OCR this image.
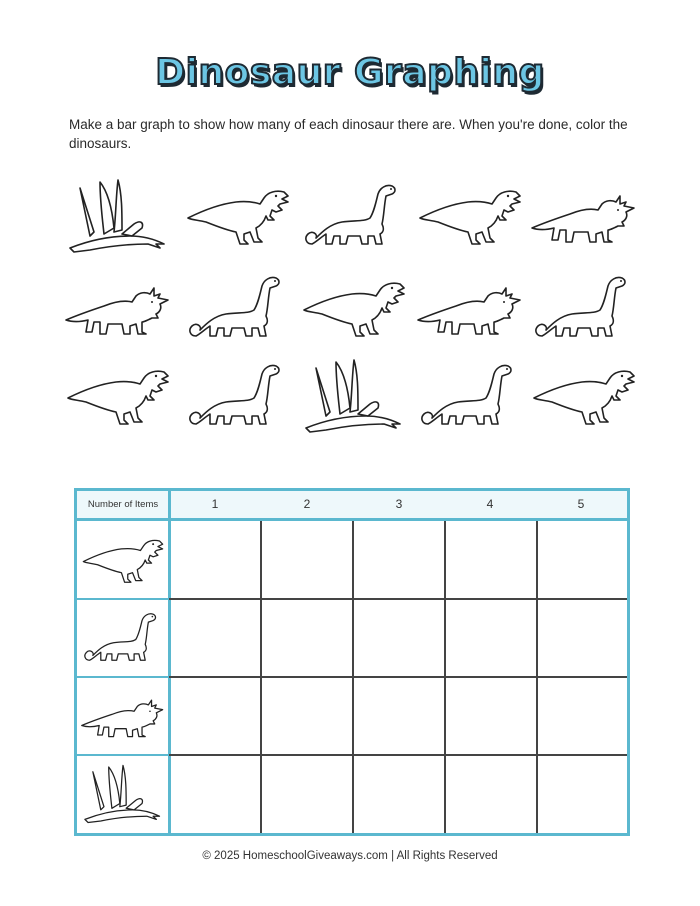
Dinosaur Graphing
Make a bar graph to show how many of each dinosaur there are. When you're done, color the dinosaurs.
Number of Items	1	2	3	4	5
© 2025 HomeschoolGiveaways.com | All Rights Reserved
